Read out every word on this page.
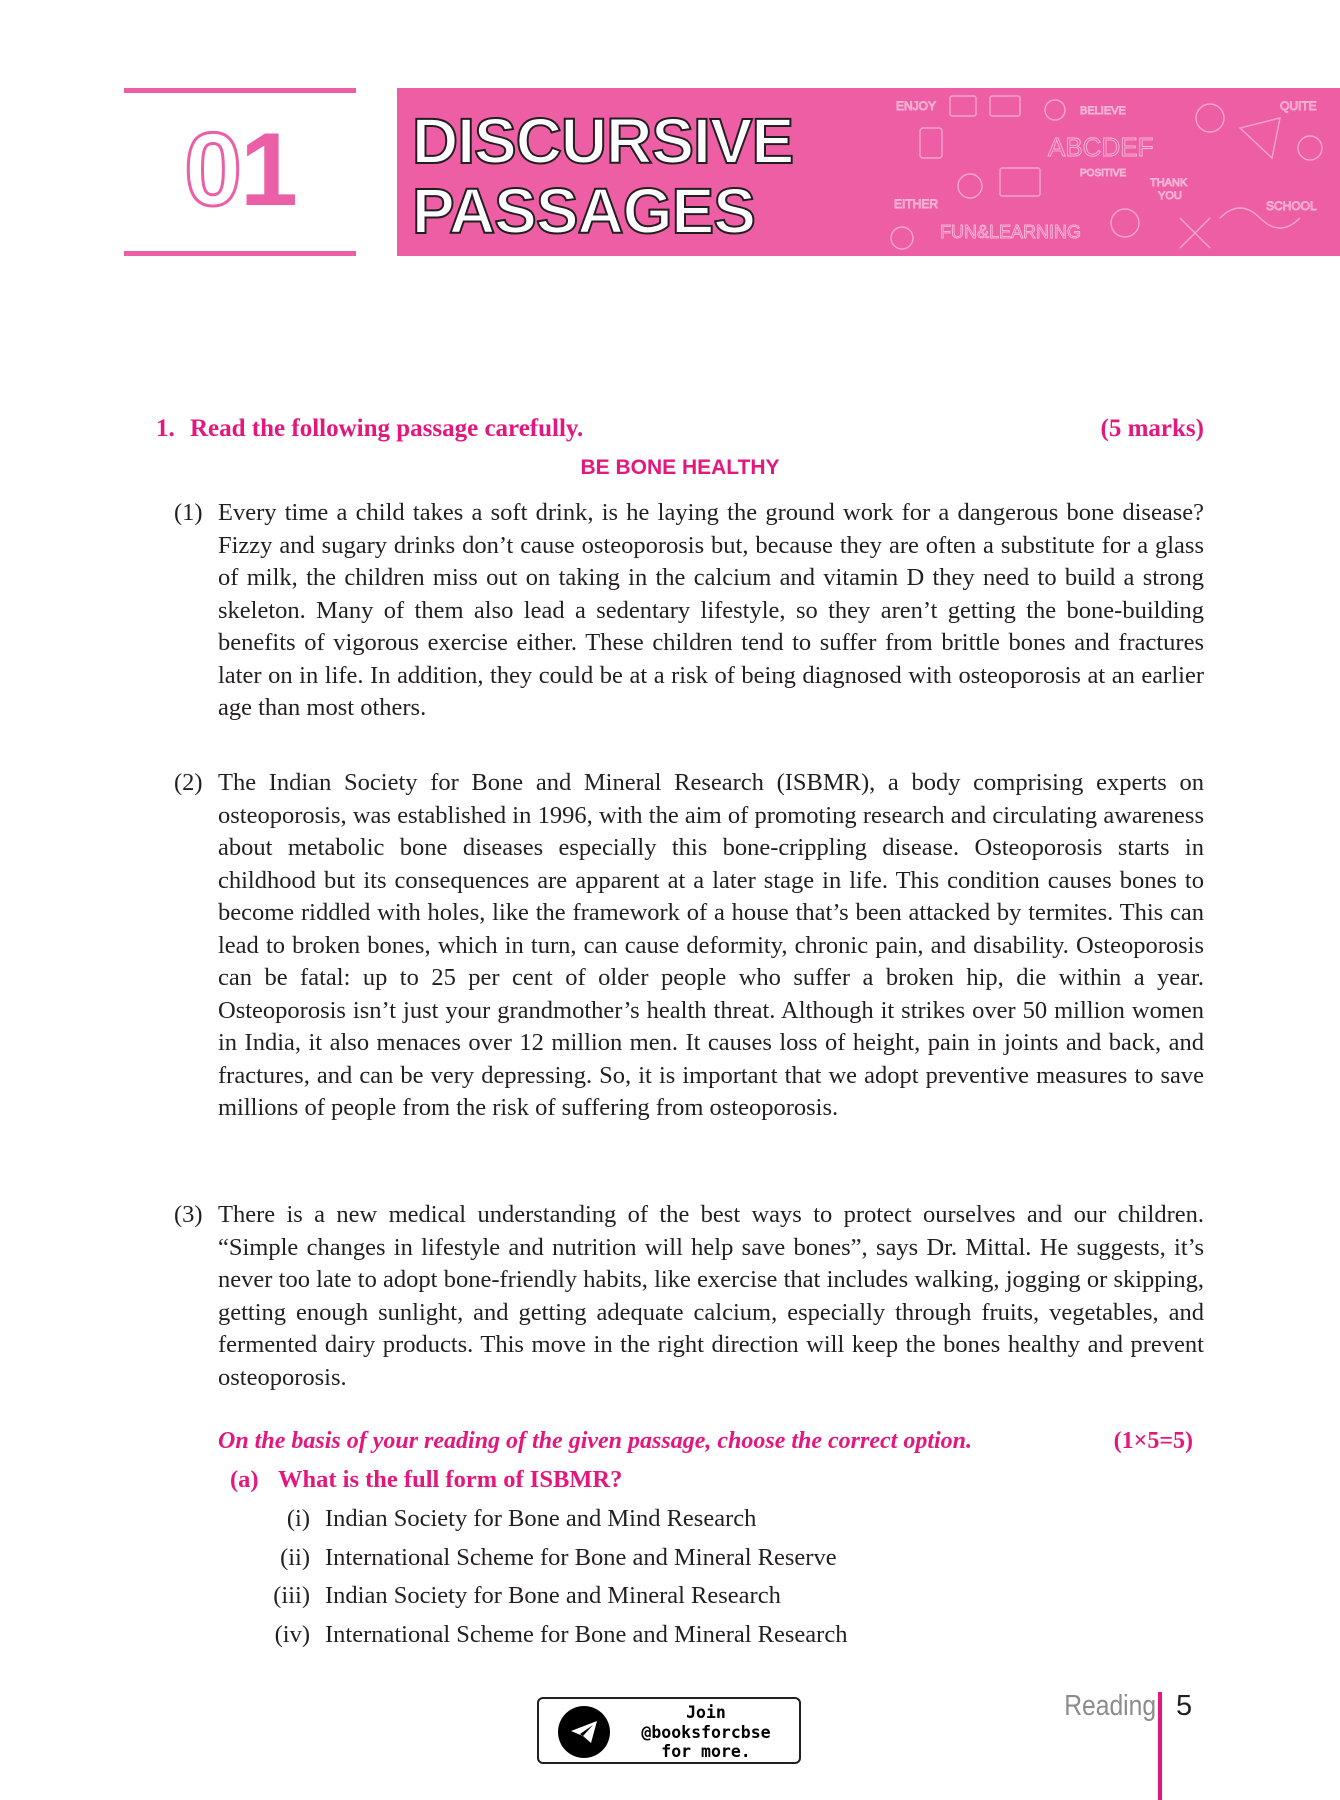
01	DISCURSIVE
PASSAGES
ENJOY	BELIEVE	QUITE
ABCDEF
POSITIVE
THANK
YOU
EITHER	SCHOOL
FUN&LEARNING
1. Read the following passage carefully.	(5 marks)
BE BONE HEALTHY

(1) Every time a child takes a soft drink, is he laying the ground work for a dangerous bone disease? Fizzy and sugary drinks don’t cause osteoporosis but, because they are often a substitute for a glass of milk, the children miss out on taking in the calcium and vitamin D they need to build a strong skeleton. Many of them also lead a sedentary lifestyle, so they aren’t getting the bone-building benefits of vigorous exercise either. These children tend to suffer from brittle bones and fractures later on in life. In addition, they could be at a risk of being diagnosed with osteoporosis at an earlier age than most others.

(2) The Indian Society for Bone and Mineral Research (ISBMR), a body comprising experts on osteoporosis, was established in 1996, with the aim of promoting research and circulating awareness about metabolic bone diseases especially this bone-crippling disease. Osteoporosis starts in childhood but its consequences are apparent at a later stage in life. This condition causes bones to become riddled with holes, like the framework of a house that’s been attacked by termites. This can lead to broken bones, which in turn, can cause deformity, chronic pain, and disability. Osteoporosis can be fatal: up to 25 per cent of older people who suffer a broken hip, die within a year. Osteoporosis isn’t just your grandmother’s health threat. Although it strikes over 50 million women in India, it also menaces over 12 million men. It causes loss of height, pain in joints and back, and fractures, and can be very depressing. So, it is important that we adopt preventive measures to save millions of people from the risk of suffering from osteoporosis.

(3) There is a new medical understanding of the best ways to protect ourselves and our children. “Simple changes in lifestyle and nutrition will help save bones”, says Dr. Mittal. He suggests, it’s never too late to adopt bone-friendly habits, like exercise that includes walking, jogging or skipping, getting enough sunlight, and getting adequate calcium, especially through fruits, vegetables, and fermented dairy products. This move in the right direction will keep the bones healthy and prevent osteoporosis.

On the basis of your reading of the given passage, choose the correct option.	(1×5=5)
(a) What is the full form of ISBMR?
(i) Indian Society for Bone and Mind Research
(ii) International Scheme for Bone and Mineral Reserve
(iii) Indian Society for Bone and Mineral Research
(iv) International Scheme for Bone and Mineral Research
Join
@booksforcbse
for more.
Reading 5
